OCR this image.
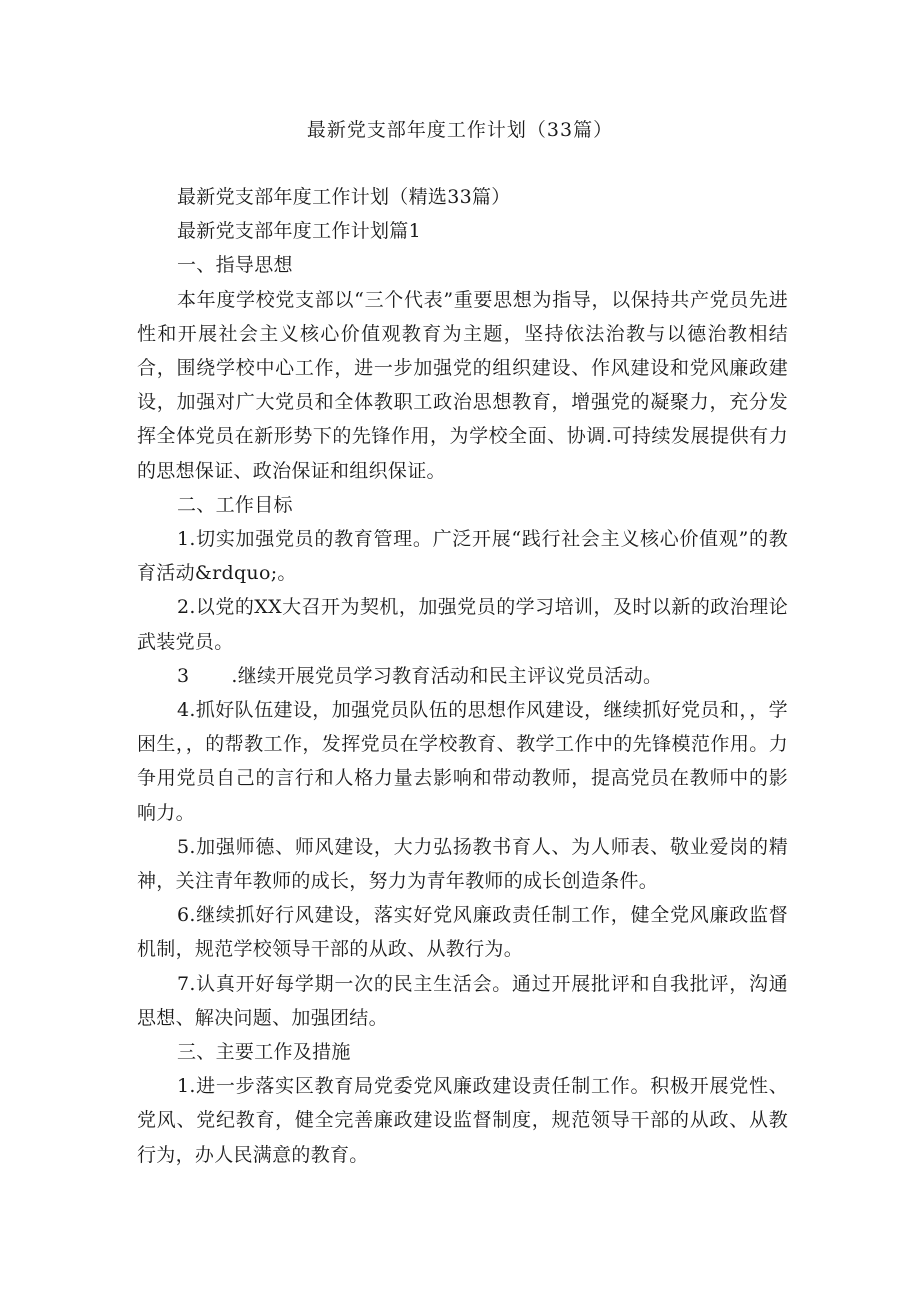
最新党支部年度工作计划（33篇）

最新党支部年度工作计划（精选33篇）

最新党支部年度工作计划篇1

一、指导思想

本年度学校党支部以“三个代表”重要思想为指导，以保持共产党员先进性和开展社会主义核心价值观教育为主题，坚持依法治教与以德治教相结合，围绕学校中心工作，进一步加强党的组织建设、作风建设和党风廉政建设，加强对广大党员和全体教职工政治思想教育，增强党的凝聚力，充分发挥全体党员在新形势下的先锋作用，为学校全面、协调.可持续发展提供有力的思想保证、政治保证和组织保证。

二、工作目标

1.切实加强党员的教育管理。广泛开展“践行社会主义核心价值观”的教育活动&rdquo;。

2.以党的XX大召开为契机，加强党员的学习培训，及时以新的政治理论武装党员。

3 .继续开展党员学习教育活动和民主评议党员活动。

4.抓好队伍建设，加强党员队伍的思想作风建设，继续抓好党员和，，学困生，，的帮教工作，发挥党员在学校教育、教学工作中的先锋模范作用。力争用党员自己的言行和人格力量去影响和带动教师，提高党员在教师中的影响力。

5.加强师德、师风建设，大力弘扬教书育人、为人师表、敬业爱岗的精神，关注青年教师的成长，努力为青年教师的成长创造条件。

6.继续抓好行风建设，落实好党风廉政责任制工作，健全党风廉政监督机制，规范学校领导干部的从政、从教行为。

7.认真开好每学期一次的民主生活会。通过开展批评和自我批评，沟通思想、解决问题、加强团结。

三、主要工作及措施

1.进一步落实区教育局党委党风廉政建设责任制工作。积极开展党性、党风、党纪教育，健全完善廉政建设监督制度，规范领导干部的从政、从教行为，办人民满意的教育。
